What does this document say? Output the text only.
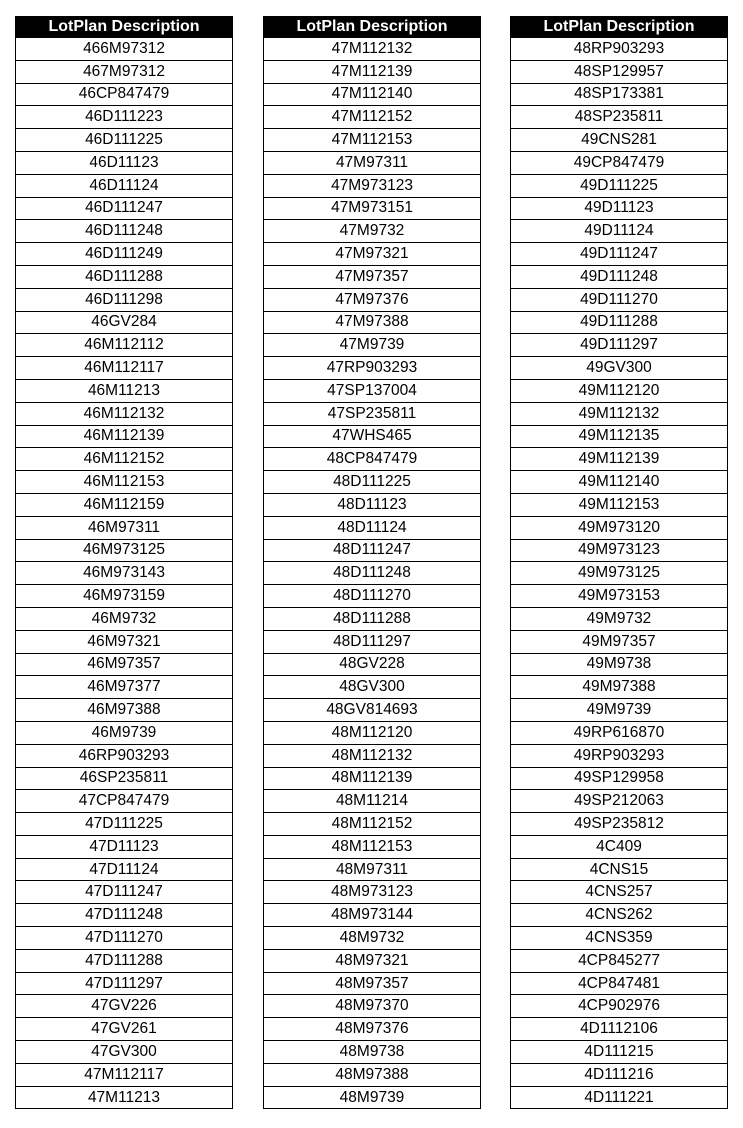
LotPlan Description
466M97312
467M97312
46CP847479
46D111223
46D111225
46D11123
46D11124
46D111247
46D111248
46D111249
46D111288
46D111298
46GV284
46M112112
46M112117
46M11213
46M112132
46M112139
46M112152
46M112153
46M112159
46M97311
46M973125
46M973143
46M973159
46M9732
46M97321
46M97357
46M97377
46M97388
46M9739
46RP903293
46SP235811
47CP847479
47D111225
47D11123
47D11124
47D111247
47D111248
47D111270
47D111288
47D111297
47GV226
47GV261
47GV300
47M112117
47M11213
LotPlan Description
47M112132
47M112139
47M112140
47M112152
47M112153
47M97311
47M973123
47M973151
47M9732
47M97321
47M97357
47M97376
47M97388
47M9739
47RP903293
47SP137004
47SP235811
47WHS465
48CP847479
48D111225
48D11123
48D11124
48D111247
48D111248
48D111270
48D111288
48D111297
48GV228
48GV300
48GV814693
48M112120
48M112132
48M112139
48M11214
48M112152
48M112153
48M97311
48M973123
48M973144
48M9732
48M97321
48M97357
48M97370
48M97376
48M9738
48M97388
48M9739
LotPlan Description
48RP903293
48SP129957
48SP173381
48SP235811
49CNS281
49CP847479
49D111225
49D11123
49D11124
49D111247
49D111248
49D111270
49D111288
49D111297
49GV300
49M112120
49M112132
49M112135
49M112139
49M112140
49M112153
49M973120
49M973123
49M973125
49M973153
49M9732
49M97357
49M9738
49M97388
49M9739
49RP616870
49RP903293
49SP129958
49SP212063
49SP235812
4C409
4CNS15
4CNS257
4CNS262
4CNS359
4CP845277
4CP847481
4CP902976
4D1112106
4D111215
4D111216
4D111221
